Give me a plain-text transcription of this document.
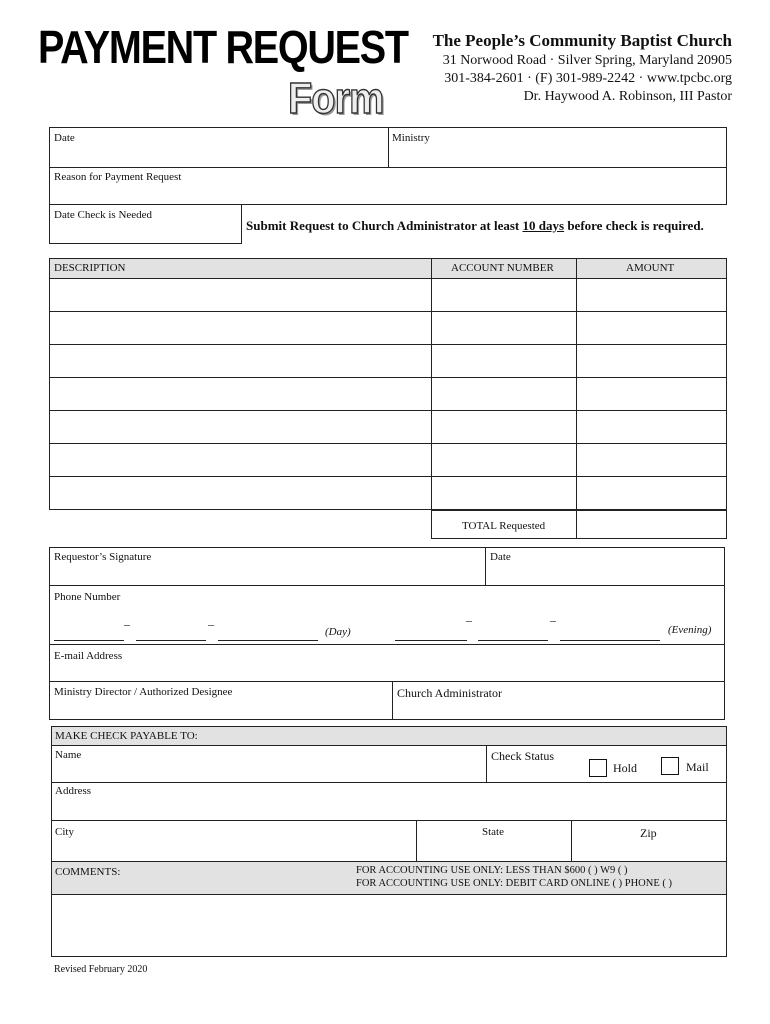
PAYMENT REQUEST
Form
The People’s Community Baptist Church
31 Norwood Road · Silver Spring, Maryland 20905
301-384-2601 · (F) 301-989-2242 · www.tpcbc.org
Dr. Haywood A. Robinson, III Pastor
Date	Ministry
Reason for Payment Request
Date Check is Needed
Submit Request to Church Administrator at least 10 days before check is required.
DESCRIPTION	ACCOUNT NUMBER	AMOUNT
TOTAL Requested
Requestor’s Signature	Date
Phone Number
–	–
(Day)
–	–
(Evening)
E-mail Address
Ministry Director / Authorized Designee	Church Administrator
MAKE CHECK PAYABLE TO:
Name	Check Status
Hold	Mail
Address
City	State	Zip
COMMENTS:	FOR ACCOUNTING USE ONLY: LESS THAN $600 ( ) W9 ( )
FOR ACCOUNTING USE ONLY: DEBIT CARD ONLINE ( ) PHONE ( )
Revised February 2020
